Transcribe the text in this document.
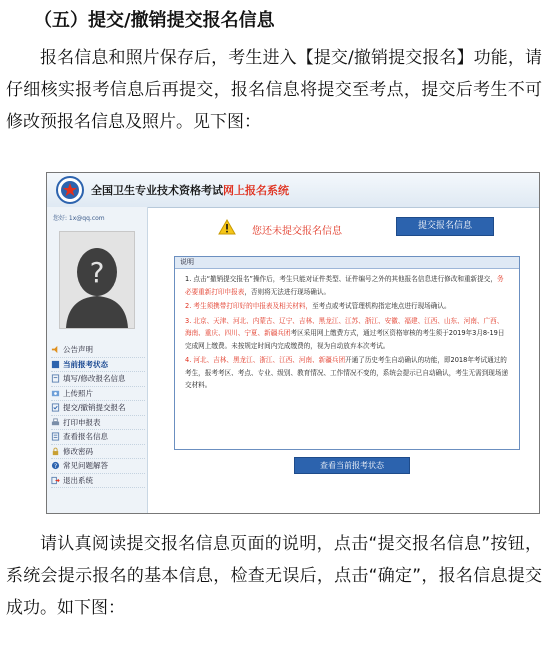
（五）提交/撤销提交报名信息
报名信息和照片保存后，考生进入【提交/撤销提交报名】功能，请仔细核实报考信息后再提交，报名信息将提交至考点，提交后考生不可修改预报名信息及照片。见下图：
全国卫生专业技术资格考试网上报名系统
您好: 1x@qq.com
?
公告声明
当前报考状态
填写/修改报名信息
上传照片
提交/撤销提交报名
打印申报表
查看报名信息
修改密码
? 常见问题解答
退出系统
您还未提交报名信息	提交报名信息
说明

1. 点击“撤销提交报名”操作后，考生只能对证件类型、证件编号之外的其他报名信息进行修改和重新提交，务必要重新打印申报表，否则将无法进行现场确认。

2. 考生须携带打印好的申报表及相关材料，至考点或考试管理机构指定地点进行现场确认。

3. 北京、天津、河北、内蒙古、辽宁、吉林、黑龙江、江苏、浙江、安徽、福建、江西、山东、河南、广西、海南、重庆、四川、宁夏、新疆兵团考区采用网上缴费方式，通过考区资格审核的考生须于2019年3月8-19日完成网上缴费。未按规定时间内完成缴费的，视为自动放弃本次考试。

4. 河北、吉林、黑龙江、浙江、江西、河南、新疆兵团开通了历史考生自动确认的功能，即2018年考试通过的考生，报考考区、考点、专业、级别、教育情况、工作情况不变的，系统会提示已自动确认，考生无需到现场递交材料。

查看当前报考状态
请认真阅读提交报名信息页面的说明，点击“提交报名信息”按钮，系统会提示报名的基本信息，检查无误后，点击“确定”，报名信息提交成功。如下图：
